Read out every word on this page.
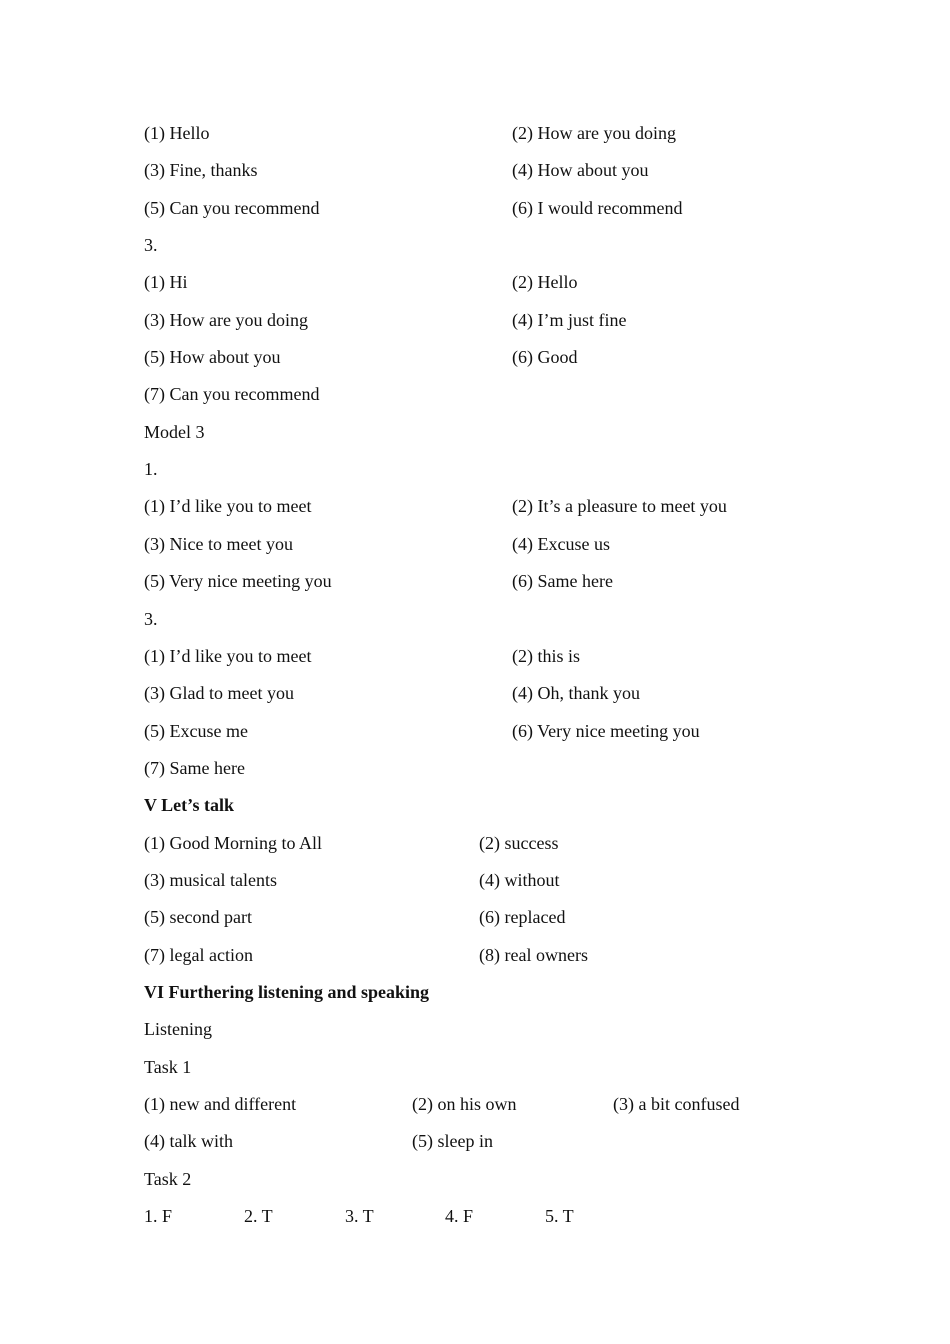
(1) Hello	(2) How are you doing
(3) Fine, thanks	(4) How about you
(5) Can you recommend	(6) I would recommend
3.
(1) Hi	(2) Hello
(3) How are you doing	(4) I’m just fine
(5) How about you	(6) Good
(7) Can you recommend
Model 3
1.
(1) I’d like you to meet	(2) It’s a pleasure to meet you
(3) Nice to meet you	(4) Excuse us
(5) Very nice meeting you	(6) Same here
3.
(1) I’d like you to meet	(2) this is
(3) Glad to meet you	(4) Oh, thank you
(5) Excuse me	(6) Very nice meeting you
(7) Same here
V Let’s talk
(1) Good Morning to All	(2) success
(3) musical talents	(4) without
(5) second part	(6) replaced
(7) legal action	(8) real owners
VI Furthering listening and speaking
Listening
Task 1
(1) new and different	(2) on his own	(3) a bit confused
(4) talk with	(5) sleep in
Task 2
1. F	2. T	3. T	4. F	5. T
